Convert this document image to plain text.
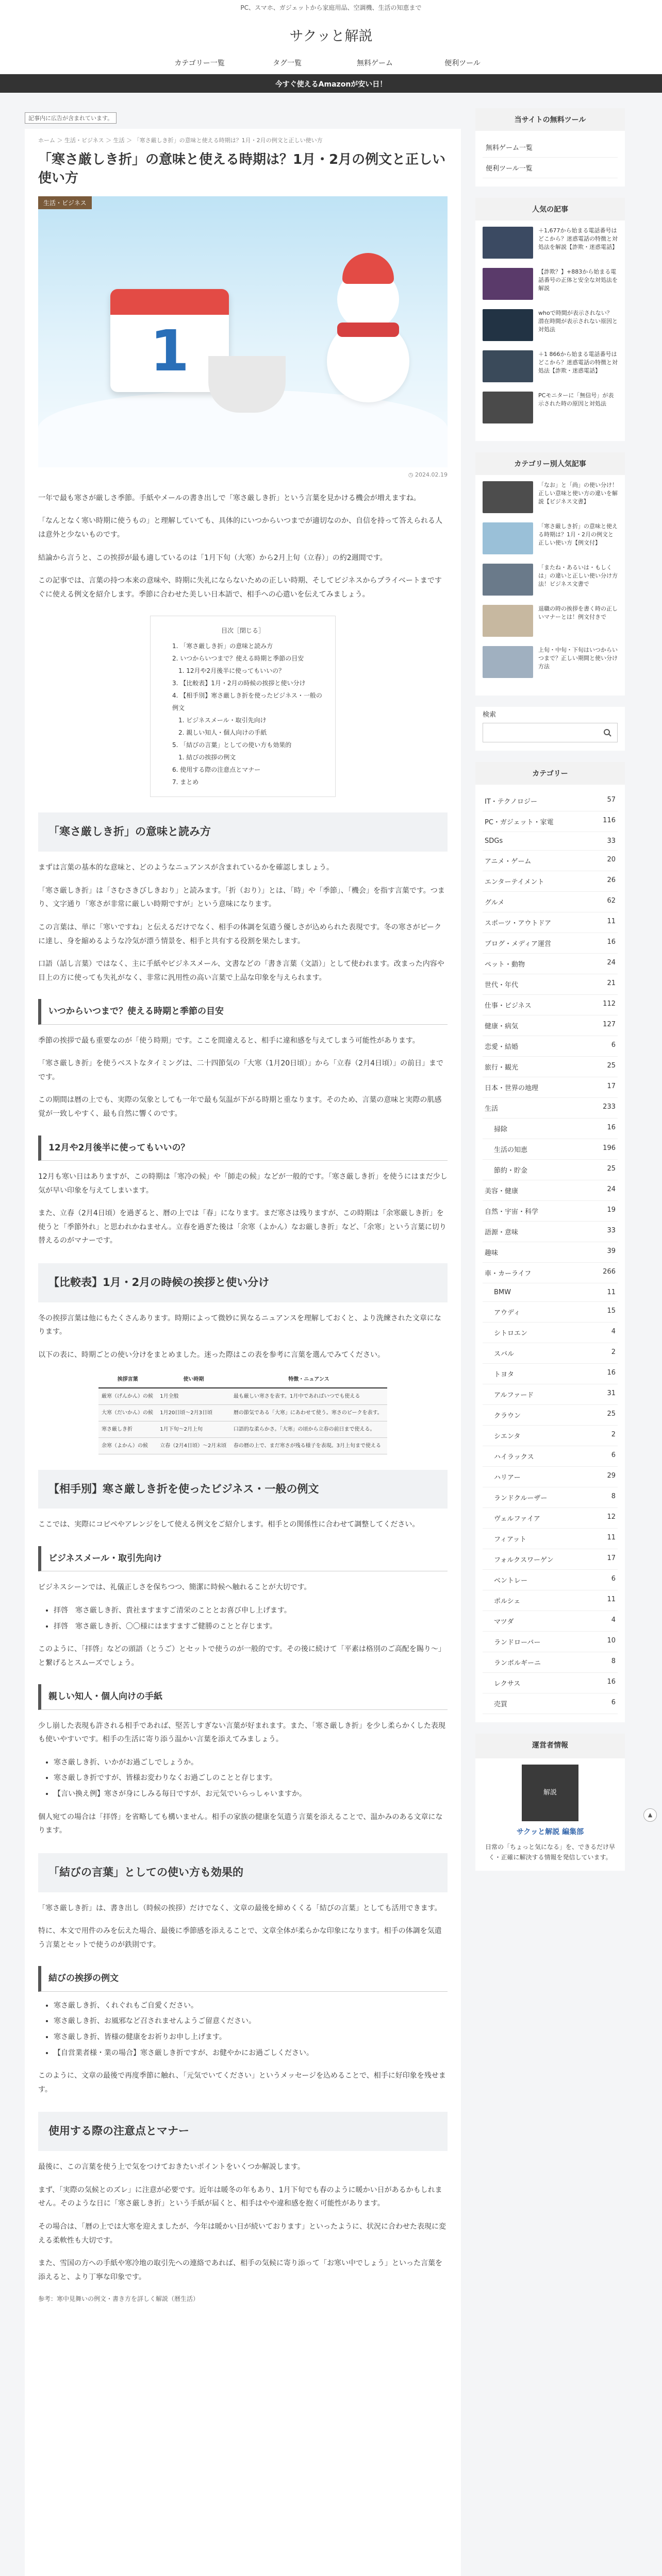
PC、スマホ、ガジェットから家庭用品、空調機、生活の知恵まで
サクッと解説
カテゴリー一覧	タグ一覧	無料ゲーム	便利ツール
今すぐ使えるAmazonが安い日！
記事内に広告が含まれています。
ホーム ＞ 生活・ビジネス ＞ 生活 ＞ 「寒さ厳しき折」の意味と使える時期は？1月・2月の例文と正しい使い方
「寒さ厳しき折」の意味と使える時期は？1月・2月の例文と正しい使い方
生活・ビジネス
1
◷ 2024.02.19

一年で最も寒さが厳しさ季節。手紙やメールの書き出しで「寒さ厳しき折」という言葉を見かける機会が増えますね。

「なんとなく寒い時期に使うもの」と理解していても、具体的にいつからいつまでが適切なのか、自信を持って答えられる人は意外と少ないものです。

結論から言うと、この挨拶が最も適しているのは「1月下旬（大寒）から2月上旬（立春）」の約2週間です。

この記事では、言葉の持つ本来の意味や、時期に失礼にならないための正しい時期、そしてビジネスからプライベートまですぐに使える例文を紹介します。季節に合わせた美しい日本語で、相手への心遣いを伝えてみましょう。

目次［閉じる］
1. 「寒さ厳しき折」の意味と読み方
2. いつからいつまで？使える時期と季節の目安
1. 12月や2月後半に使ってもいいの？
3. 【比較表】1月・2月の時候の挨拶と使い分け
4. 【相手別】寒さ厳しき折を使ったビジネス・一般の例文
1. ビジネスメール・取引先向け
2. 親しい知人・個人向けの手紙
5. 「結びの言葉」としての使い方も効果的
1. 結びの挨拶の例文
6. 使用する際の注意点とマナー
7. まとめ
「寒さ厳しき折」の意味と読み方

まずは言葉の基本的な意味と、どのようなニュアンスが含まれているかを確認しましょう。

「寒さ厳しき折」は「さむさきびしきおり」と読みます。「折（おり）」とは、「時」や「季節」、「機会」を指す言葉です。つまり、文字通り「寒さが非常に厳しい時期ですが」という意味になります。

この言葉は、単に「寒いですね」と伝えるだけでなく、相手の体調を気遣う優しさが込められた表現です。冬の寒さがピークに達し、身を縮めるような冷気が漂う情景を、相手と共有する役割を果たします。

口語（話し言葉）ではなく、主に手紙やビジネスメール、文書などの「書き言葉（文語）」として使われます。改まった内容や目上の方に使っても失礼がなく、非常に汎用性の高い言葉で上品な印象を与えられます。

いつからいつまで？使える時期と季節の目安

季節の挨拶で最も重要なのが「使う時期」です。ここを間違えると、相手に違和感を与えてしまう可能性があります。

「寒さ厳しき折」を使うベストなタイミングは、二十四節気の「大寒（1月20日頃）」から「立春（2月4日頃）」の前日」までです。

この期間は暦の上でも、実際の気象としても一年で最も気温が下がる時期と重なります。そのため、言葉の意味と実際の肌感覚が一致しやすく、最も自然に響くのです。

12月や2月後半に使ってもいいの？

12月も寒い日はありますが、この時期は「寒冷の候」や「師走の候」などが一般的です。「寒さ厳しき折」を使うにはまだ少し気が早い印象を与えてしまいます。

また、立春（2月4日頃）を過ぎると、暦の上では「春」になります。まだ寒さは残りますが、この時期は「余寒厳しき折」を使うと「季節外れ」と思われかねません。立春を過ぎた後は「余寒（よかん）なお厳しき折」など、「余寒」という言葉に切り替えるのがマナーです。

【比較表】1月・2月の時候の挨拶と使い分け

冬の挨拶言葉は他にもたくさんあります。時期によって微妙に異なるニュアンスを理解しておくと、より洗練された文章になります。

以下の表に、時期ごとの使い分けをまとめました。迷った際はこの表を参考に言葉を選んでみてください。

挨拶言葉	使い時期	特徴・ニュアンス
厳寒（げんかん）の候	1月全般	最も厳しい寒さを表す。1月中であればいつでも使える
大寒（だいかん）の候	1月20日頃〜2月3日頃	暦の節気である「大寒」にあわせて使う。寒さのピークを表す。
寒さ厳しき折	1月下旬〜2月上旬	口語的な柔らかさ。「大寒」の頃から立春の前日まで使える。
余寒（よかん）の候	立春（2月4日頃）〜2月末頃	春の暦の上で、まだ寒さが残る様子を表現。3月上旬まで使える
【相手別】寒さ厳しき折を使ったビジネス・一般の例文

ここでは、実際にコピペやアレンジをして使える例文をご紹介します。相手との関係性に合わせて調整してください。

ビジネスメール・取引先向け

ビジネスシーンでは、礼儀正しさを保ちつつ、簡潔に時候へ触れることが大切です。

• 拝啓　寒さ厳しき折、貴社ますますご清栄のこととお喜び申し上げます。
• 拝啓　寒さ厳しき折、〇〇様にはますますご健勝のことと存じます。

このように、「拝啓」などの頭語（とうご）とセットで使うのが一般的です。その後に続けて「平素は格別のご高配を賜り～」と繋げるとスムーズでしょう。

親しい知人・個人向けの手紙

少し崩した表現も許される相手であれば、堅苦しすぎない言葉が好まれます。また、「寒さ厳しき折」を少し柔らかくした表現も使いやすいです。相手の生活に寄り添う温かい言葉を添えてみましょう。

• 寒さ厳しき折、いかがお過ごしでしょうか。
• 寒さ厳しき折ですが、皆様お変わりなくお過ごしのことと存じます。
• 【言い換え例】寒さが身にしみる毎日ですが、お元気でいらっしゃいますか。

個人宛ての場合は「拝啓」を省略しても構いません。相手の家族の健康を気遣う言葉を添えることで、温かみのある文章になります。

「結びの言葉」としての使い方も効果的

「寒さ厳しき折」は、書き出し（時候の挨拶）だけでなく、文章の最後を締めくくる「結びの言葉」としても活用できます。

特に、本文で用件のみを伝えた場合、最後に季節感を添えることで、文章全体が柔らかな印象になります。相手の体調を気遣う言葉とセットで使うのが鉄則です。

結びの挨拶の例文
• 寒さ厳しき折、くれぐれもご自愛ください。
• 寒さ厳しき折、お風邪など召されませんようご留意ください。
• 寒さ厳しき折、皆様の健康をお祈りお申し上げます。
• 【自営業者様・業の場合】寒さ厳しき折ですが、お健やかにお過ごしください。

このように、文章の最後で再度季節に触れ、「元気でいてください」というメッセージを込めることで、相手に好印象を残せます。

使用する際の注意点とマナー

最後に、この言葉を使う上で気をつけておきたいポイントをいくつか解説します。

まず、「実際の気候とのズレ」に注意が必要です。近年は暖冬の年もあり、1月下旬でも春のように暖かい日があるかもしれません。そのような日に「寒さ厳しき折」という手紙が届くと、相手はやや違和感を抱く可能性があります。

その場合は、「暦の上では大寒を迎えましたが、今年は暖かい日が続いております」といったように、状況に合わせた表現に変える柔軟性も大切です。

また、雪国の方への手紙や寒冷地の取引先への連絡であれば、相手の気候に寄り添って「お寒い中でしょう」といった言葉を添えると、より丁寧な印象です。

参考：寒中見舞いの例文・書き方を詳しく解説（暦生活）

当サイトの無料ツール
無料ゲーム一覧
便利ツール一覧
人気の記事
＋1,677から始まる電話番号はどこから？迷惑電話の特徴と対処法を解説【詐欺・迷惑電話】
【詐欺？】+883から始まる電話番号の正体と安全な対処法を解説
whoで時間が表示されない？ 潜在時間が表示されない原因と対処法
＋1 866から始まる電話番号はどこから？迷惑電話の特徴と対処法【詐欺・迷惑電話】
PCモニターに「無信号」が表示された時の原因と対処法
カテゴリー別人気記事
「なお」と「尚」の使い分け！正しい意味と使い方の違いを解説【ビジネス文書】
「寒さ厳しき折」の意味と使える時期は？1月・2月の例文と正しい使い方【例文付】
「またね・あるいは・もしくは」の違いと正しい使い分け方法！ビジネス文書で
退職の時の挨拶を書く時の正しいマナーとは！例文付きで
上旬・中旬・下旬はいつからいつまで？正しい期間と使い分け方法
検索
カテゴリー
IT・テクノロジー	57
PC・ガジェット・家電	116
SDGs	33
アニメ・ゲーム	20
エンターテイメント	26
グルメ	62
スポーツ・アウトドア	11
ブログ・メディア運営	16
ペット・動物	24
世代・年代	21
仕事・ビジネス	112
健康・病気	127
恋愛・結婚	6
旅行・観光	25
日本・世界の地理	17
生活	233
掃除	16
生活の知恵	196
節約・貯金	25
美容・健康	24
自然・宇宙・科学	19
語源・意味	33
趣味	39
車・カーライフ	266
BMW	11
アウディ	15
シトロエン	4
スバル	2
トヨタ	16
アルファード	31
クラウン	25
シエンタ	2
ハイラックス	6
ハリアー	29
ランドクルーザー	8
ヴェルファイア	12
フィアット	11
フォルクスワーゲン	17
ベントレー	6
ポルシェ	11
マツダ	4
ランドローバー	10
ランボルギーニ	8
レクサス	16
売買	6
運営者情報
解説
サクッと解説 編集部
日常の「ちょっと気になる」を、できるだけ早く・正確に解決する情報を発信しています。
▲
